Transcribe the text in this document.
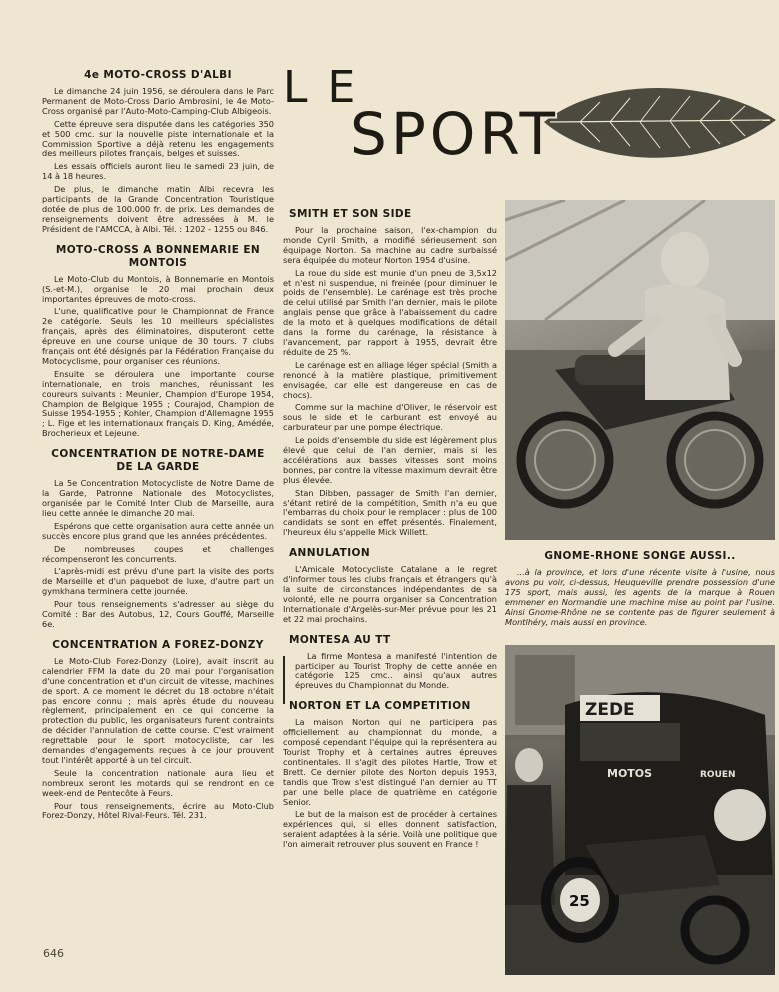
LE
SPORT
4e MOTO-CROSS D'ALBI

Le dimanche 24 juin 1956, se déroulera dans le Parc Permanent de Moto-Cross Dario Ambrosini, le 4e Moto-Cross organisé par l'Auto-Moto-Camping-Club Albigeois.

Cette épreuve sera disputée dans les catégories 350 et 500 cmc. sur la nouvelle piste internationale et la Commission Sportive a déjà retenu les engagements des meilleurs pilotes français, belges et suisses.

Les essais officiels auront lieu le samedi 23 juin, de 14 à 18 heures.

De plus, le dimanche matin Albi recevra les participants de la Grande Concentration Touristique dotée de plus de 100.000 fr. de prix. Les demandes de renseignements doivent être adressées à M. le Président de l'AMCCA, à Albi. Tél. : 1202 - 1255 ou 846.

MOTO-CROSS A BONNEMARIE EN MONTOIS

Le Moto-Club du Montois, à Bonnemarie en Montois (S.-et-M.), organise le 20 mai prochain deux importantes épreuves de moto-cross.

L'une, qualificative pour le Championnat de France 2e catégorie. Seuls les 10 meilleurs spécialistes français, après des éliminatoires, disputeront cette épreuve en une course unique de 30 tours. 7 clubs français ont été désignés par la Fédération Française du Motocyclisme, pour organiser ces réunions.

Ensuite se déroulera une importante course internationale, en trois manches, réunissant les coureurs suivants : Meunier, Champion d'Europe 1954, Champion de Belgique 1955 ; Courajod, Champion de Suisse 1954-1955 ; Kohler, Champion d'Allemagne 1955 ; L. Fige et les internationaux français D. King, Amédée, Brocherieux et Lejeune.

CONCENTRATION DE NOTRE-DAME DE LA GARDE

La 5e Concentration Motocycliste de Notre Dame de la Garde, Patronne Nationale des Motocyclistes, organisée par le Comité Inter Club de Marseille, aura lieu cette année le dimanche 20 mai.

Espérons que cette organisation aura cette année un succès encore plus grand que les années précédentes.

De nombreuses coupes et challenges récompenseront les concurrents.

L'après-midi est prévu d'une part la visite des ports de Marseille et d'un paquebot de luxe, d'autre part un gymkhana terminera cette journée.

Pour tous renseignements s'adresser au siège du Comité : Bar des Autobus, 12, Cours Gouffé, Marseille 6e.

CONCENTRATION A FOREZ-DONZY

Le Moto-Club Forez-Donzy (Loire), avait inscrit au calendrier FFM la date du 20 mai pour l'organisation d'une concentration et d'un circuit de vitesse, machines de sport. A ce moment le décret du 18 octobre n'était pas encore connu ; mais après étude du nouveau règlement, principalement en ce qui concerne la protection du public, les organisateurs furent contraints de décider l'annulation de cette course. C'est vraiment regrettable pour le sport motocycliste, car les demandes d'engagements reçues à ce jour prouvent tout l'intérêt apporté à un tel circuit.

Seule la concentration nationale aura lieu et nombreux seront les motards qui se rendront en ce week-end de Pentecôte à Feurs.

Pour tous renseignements, écrire au Moto-Club Forez-Donzy, Hôtel Rival-Feurs. Tél. 231.

SMITH ET SON SIDE

Pour la prochaine saison, l'ex-champion du monde Cyril Smith, a modifié sérieusement son équipage Norton. Sa machine au cadre surbaissé sera équipée du moteur Norton 1954 d'usine.

La roue du side est munie d'un pneu de 3,5x12 et n'est ni suspendue, ni freinée (pour diminuer le poids de l'ensemble). Le carénage est très proche de celui utilisé par Smith l'an dernier, mais le pilote anglais pense que grâce à l'abaissement du cadre de la moto et à quelques modifications de détail dans la forme du carénage, la résistance à l'avancement, par rapport à 1955, devrait être réduite de 25 %.

Le carénage est en alliage léger spécial (Smith a renoncé à la matière plastique, primitivement envisagée, car elle est dangereuse en cas de chocs).

Comme sur la machine d'Oliver, le réservoir est sous le side et le carburant est envoyé au carburateur par une pompe électrique.

Le poids d'ensemble du side est légèrement plus élevé que celui de l'an dernier, mais si les accélérations aux basses vitesses sont moins bonnes, par contre la vitesse maximum devrait être plus élevée.

Stan Dibben, passager de Smith l'an dernier, s'étant retiré de la compétition, Smith n'a eu que l'embarras du choix pour le remplacer : plus de 100 candidats se sont en effet présentés. Finalement, l'heureux élu s'appelle Mick Willett.

ANNULATION

L'Amicale Motocycliste Catalane a le regret d'informer tous les clubs français et étrangers qu'à la suite de circonstances indépendantes de sa volonté, elle ne pourra organiser sa Concentration Internationale d'Argelès-sur-Mer prévue pour les 21 et 22 mai prochains.

MONTESA AU TT

La firme Montesa a manifesté l'intention de participer au Tourist Trophy de cette année en catégorie 125 cmc.. ainsi qu'aux autres épreuves du Championnat du Monde.

NORTON ET LA COMPETITION

La maison Norton qui ne participera pas officiellement au championnat du monde, a composé cependant l'équipe qui la représentera au Tourist Trophy et à certaines autres épreuves continentales. Il s'agit des pilotes Hartle, Trow et Brett. Ce dernier pilote des Norton depuis 1953, tandis que Trow s'est distingué l'an dernier au TT par une belle place de quatrième en catégorie Senior.

Le but de la maison est de procéder à certaines expériences qui, si elles donnent satisfaction, seraient adaptées à la série. Voilà une politique que l'on aimerait retrouver plus souvent en France !

GNOME-RHONE SONGE AUSSI..

...à la province, et lors d'une récente visite à l'usine, nous avons pu voir, ci-dessus, Heuqueville prendre possession d'une 175 sport, mais aussi, les agents de la marque à Rouen emmener en Normandie une machine mise au point par l'usine. Ainsi Gnome-Rhône ne se contente pas de figurer seulement à Montlhéry, mais aussi en province.

ZEDE
MOTOS	ROUEN
25
646
